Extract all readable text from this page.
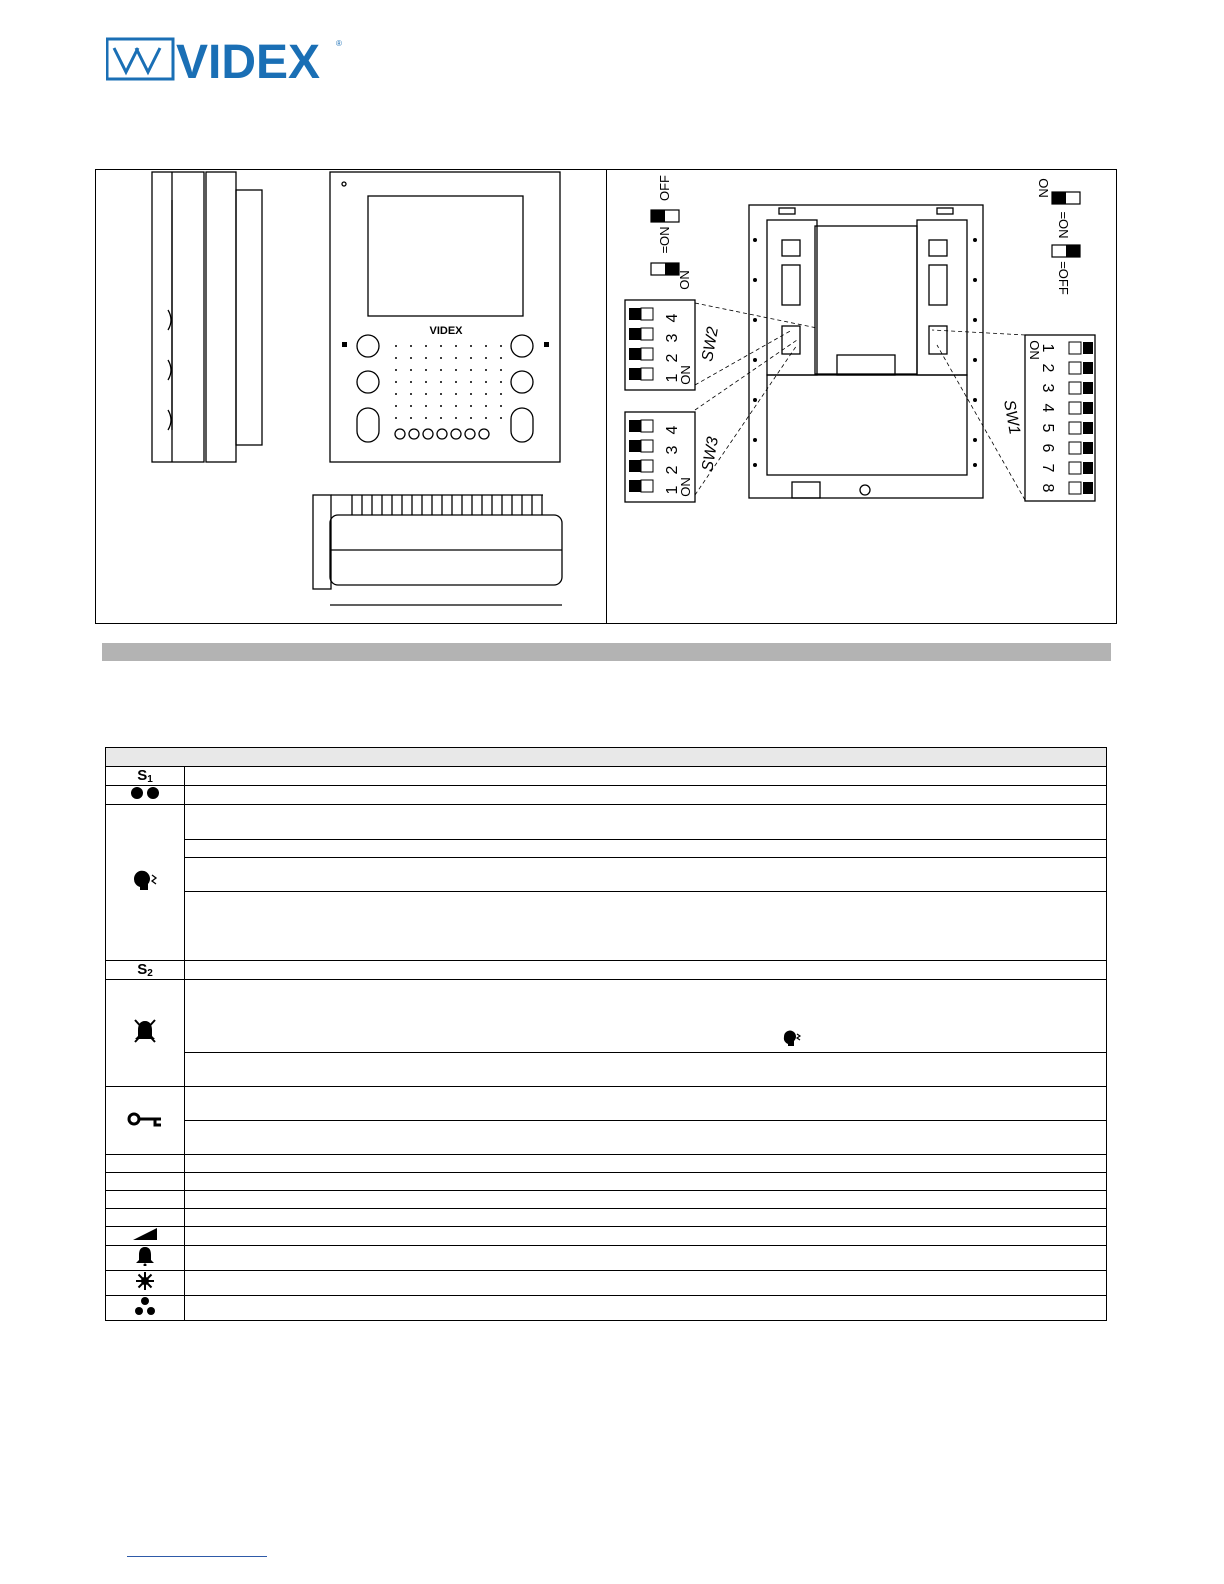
VIDEX ®
VIDEX
4
3
2
1
ON
SW2
4
3
2
1
ON
SW3
1
2
3
4
5
6
7
8
ON
SW1
OFF
=ON
ON
ON
=ON
=OFF

$S_1$	

$S_2$	
